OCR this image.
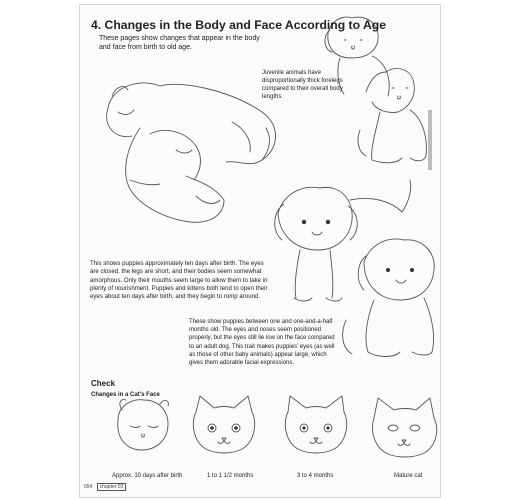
4. Changes in the Body and Face According to Age
These pages show changes that appear in the body and face from birth to old age.
Juvenile animals have disproportionally thick forelegs compared to their overall body lengths.
This shows puppies approximately ten days after birth. The eyes are closed, the legs are short, and their bodies seem somewhat amorphous. Only their mouths seem large to allow them to take in plenty of nourishment. Puppies and kittens both tend to open their eyes about ten days after birth, and they begin to romp around.
These show puppies between one and one-and-a-half months old. The eyes and noses seem positioned properly, but the eyes still lie low on the face compared to an adult dog. This trait makes puppies' eyes (as well as those of other baby animals) appear large, which gives them adorable facial expressions.
Check
Changes in a Cat's Face
Approx. 10 days after birth	1 to 1 1/2 months	3 to 4 months	Mature cat
054 chapter 02
